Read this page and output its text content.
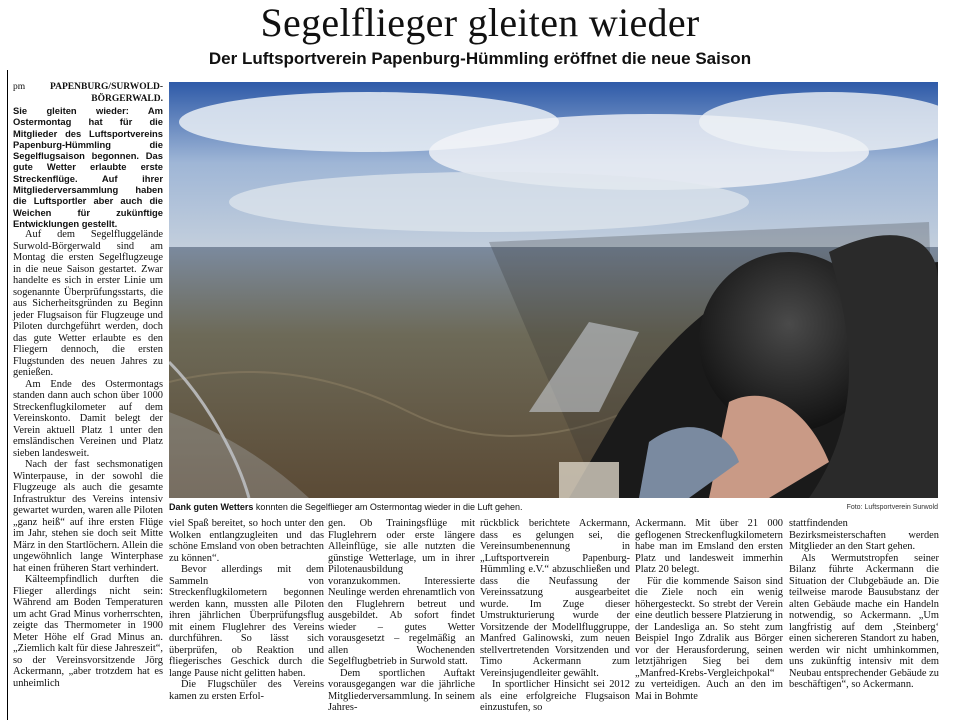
Segelflieger gleiten wieder
Der Luftsportverein Papenburg-Hümmling eröffnet die neue Saison
pm	PAPENBURG/SURWOLD-BÖRGERWALD.

Sie gleiten wieder: Am Ostermontag hat für die Mitglieder des Luftsportvereins Papenburg-Hümmling die Segelflugsaison begonnen. Das gute Wetter erlaubte erste Streckenflüge. Auf ihrer Mitgliederversammlung haben die Luftsportler aber auch die Weichen für zukünftige Entwicklungen gestellt.

Auf dem Segelfluggelände Surwold-Börgerwald sind am Montag die ersten Segelflugzeuge in die neue Saison gestartet. Zwar handelte es sich in erster Linie um sogenannte Überprüfungsstarts, die aus Sicherheitsgründen zu Beginn jeder Flugsaison für Flugzeuge und Piloten durchgeführt werden, doch das gute Wetter erlaubte es den Fliegern dennoch, die ersten Flugstunden des neuen Jahres zu genießen.

Am Ende des Ostermontags standen dann auch schon über 1000 Streckenflugkilometer auf dem Vereinskonto. Damit belegt der Verein aktuell Platz 1 unter den emsländischen Vereinen und Platz sieben landesweit.

Nach der fast sechsmonatigen Winterpause, in der sowohl die Flugzeuge als auch die gesamte Infrastruktur des Vereins intensiv gewartet wurden, waren alle Piloten „ganz heiß“ auf ihre ersten Flüge im Jahr, stehen sie doch seit Mitte März in den Startlöchern. Allein die ungewöhnlich lange Winterphase hat einen früheren Start verhindert.

Kälteempfindlich durften die Flieger allerdings nicht sein: Während am Boden Temperaturen um acht Grad Minus vorherrschten, zeigte das Thermometer in 1900 Meter Höhe elf Grad Minus an. „Ziemlich kalt für diese Jahreszeit“, so der Vereinsvorsitzende Jörg Ackermann, „aber trotzdem hat es unheimlich

Dank guten Wetters konnten die Segelflieger am Ostermontag wieder in die Luft gehen.	Foto: Luftsportverein Surwold

viel Spaß bereitet, so hoch unter den Wolken entlangzugleiten und das schöne Emsland von oben betrachten zu können“.

Bevor allerdings mit dem Sammeln von Streckenflugkilometern begonnen werden kann, mussten alle Piloten ihren jährlichen Überprüfungsflug mit einem Fluglehrer des Vereins durchführen. So lässt sich überprüfen, ob Reaktion und fliegerisches Geschick durch die lange Pause nicht gelitten haben.

Die Flugschüler des Vereins kamen zu ersten Erfol-

gen. Ob Trainingsflüge mit Fluglehrern oder erste längere Alleinflüge, sie alle nutzten die günstige Wetterlage, um in ihrer Pilotenausbildung voranzukommen. Interessierte Neulinge werden ehrenamtlich von den Fluglehrern betreut und ausgebildet. Ab sofort findet wieder – gutes Wetter vorausgesetzt – regelmäßig an allen Wochenenden Segelflugbetrieb in Surwold statt.

Dem sportlichen Auftakt vorausgegangen war die jährliche Mitgliederversammlung. In seinem Jahres-

rückblick berichtete Ackermann, dass es gelungen sei, die Vereinsumbenennung in „Luftsportverein Papenburg-Hümmling e.V.“ abzuschließen und dass die Neufassung der Vereinssatzung ausgearbeitet wurde. Im Zuge dieser Umstrukturierung wurde der Vorsitzende der Modellfluggruppe, Manfred Galinowski, zum neuen stellvertretenden Vorsitzenden und Timo Ackermann zum Vereinsjugendleiter gewählt.

In sportlicher Hinsicht sei 2012 als eine erfolgreiche Flugsaison einzustufen, so

Ackermann. Mit über 21 000 geflogenen Streckenflugkilometern habe man im Emsland den ersten Platz und landesweit immerhin Platz 20 belegt.

Für die kommende Saison sind die Ziele noch ein wenig höhergesteckt. So strebt der Verein eine deutlich bessere Platzierung in der Landesliga an. So steht zum Beispiel Ingo Zdralik aus Börger vor der Herausforderung, seinen letztjährigen Sieg bei dem „Manfred-Krebs-Vergleichpokal“ zu verteidigen. Auch an den im Mai in Bohmte

stattfindenden Bezirksmeisterschaften werden Mitglieder an den Start gehen.

Als Wermutstropfen seiner Bilanz führte Ackermann die Situation der Clubgebäude an. Die teilweise marode Bausubstanz der alten Gebäude mache ein Handeln notwendig, so Ackermann. „Um langfristig auf dem ‚Steinberg‘ einen sichereren Standort zu haben, werden wir nicht umhinkommen, uns zukünftig intensiv mit dem Neubau entsprechender Gebäude zu beschäftigen“, so Ackermann.
